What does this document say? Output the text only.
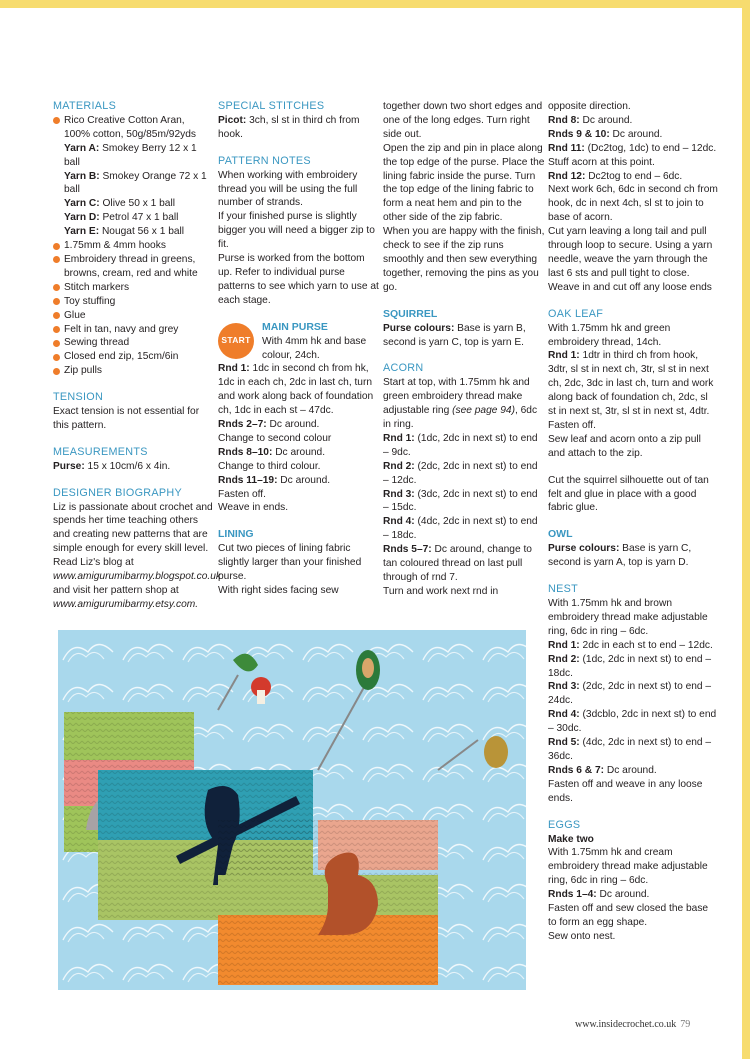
MATERIALS
Rico Creative Cotton Aran, 100% cotton, 50g/85m/92yds

Yarn A: Smokey Berry 12 x 1 ball

Yarn B: Smokey Orange 72 x 1 ball

Yarn C: Olive 50 x 1 ball

Yarn D: Petrol 47 x 1 ball

Yarn E: Nougat 56 x 1 ball

1.75mm & 4mm hooks
Embroidery thread in greens, browns, cream, red and white
Stitch markers
Toy stuffing
Glue
Felt in tan, navy and grey
Sewing thread
Closed end zip, 15cm/6in
Zip pulls
TENSION

Exact tension is not essential for this pattern.

MEASUREMENTS

Purse: 15 x 10cm/6 x 4in.

DESIGNER BIOGRAPHY

Liz is passionate about crochet and spends her time teaching others and creating new patterns that are simple enough for every skill level. Read Liz's blog at www.amigurumibarmy.blogspot.co.uk and visit her pattern shop at www.amigurumibarmy.etsy.com.

SPECIAL STITCHES

Picot: 3ch, sl st in third ch from hook.

PATTERN NOTES

When working with embroidery thread you will be using the full number of strands.

If your finished purse is slightly bigger you will need a bigger zip to fit.

Purse is worked from the bottom up. Refer to individual purse patterns to see which yarn to use at each stage.

START
MAIN PURSE

With 4mm hk and base colour, 24ch.

Rnd 1: 1dc in second ch from hk, 1dc in each ch, 2dc in last ch, turn and work along back of foundation ch, 1dc in each st – 47dc.

Rnds 2–7: Dc around.

Change to second colour

Rnds 8–10: Dc around.

Change to third colour.

Rnds 11–19: Dc around.

Fasten off.

Weave in ends.

LINING

Cut two pieces of lining fabric slightly larger than your finished purse.

With right sides facing sew

together down two short edges and one of the long edges. Turn right side out.

Open the zip and pin in place along the top edge of the purse. Place the lining fabric inside the purse. Turn the top edge of the lining fabric to form a neat hem and pin to the other side of the zip fabric.

When you are happy with the finish, check to see if the zip runs smoothly and then sew everything together, removing the pins as you go.

SQUIRREL

Purse colours: Base is yarn B, second is yarn C, top is yarn E.

ACORN

Start at top, with 1.75mm hk and green embroidery thread make adjustable ring (see page 94), 6dc in ring.

Rnd 1: (1dc, 2dc in next st) to end – 9dc.

Rnd 2: (2dc, 2dc in next st) to end – 12dc.

Rnd 3: (3dc, 2dc in next st) to end – 15dc.

Rnd 4: (4dc, 2dc in next st) to end – 18dc.

Rnds 5–7: Dc around, change to tan coloured thread on last pull through of rnd 7.

Turn and work next rnd in

opposite direction.

Rnd 8: Dc around.

Rnds 9 & 10: Dc around.

Rnd 11: (Dc2tog, 1dc) to end – 12dc.

Stuff acorn at this point.

Rnd 12: Dc2tog to end – 6dc.

Next work 6ch, 6dc in second ch from hook, dc in next 4ch, sl st to join to base of acorn.

Cut yarn leaving a long tail and pull through loop to secure. Using a yarn needle, weave the yarn through the last 6 sts and pull tight to close. Weave in and cut off any loose ends

OAK LEAF

With 1.75mm hk and green embroidery thread, 14ch.

Rnd 1: 1dtr in third ch from hook, 3dtr, sl st in next ch, 3tr, sl st in next ch, 2dc, 3dc in last ch, turn and work along back of foundation ch, 2dc, sl st in next st, 3tr, sl st in next st, 4dtr.

Fasten off.

Sew leaf and acorn onto a zip pull and attach to the zip.

Cut the squirrel silhouette out of tan felt and glue in place with a good fabric glue.

OWL

Purse colours: Base is yarn C, second is yarn A, top is yarn D.

NEST

With 1.75mm hk and brown embroidery thread make adjustable ring, 6dc in ring – 6dc.

Rnd 1: 2dc in each st to end – 12dc.

Rnd 2: (1dc, 2dc in next st) to end – 18dc.

Rnd 3: (2dc, 2dc in next st) to end – 24dc.

Rnd 4: (3dcblo, 2dc in next st) to end – 30dc.

Rnd 5: (4dc, 2dc in next st) to end – 36dc.

Rnds 6 & 7: Dc around.

Fasten off and weave in any loose ends.

EGGS

Make two

With 1.75mm hk and cream embroidery thread make adjustable ring, 6dc in ring – 6dc.

Rnds 1–4: Dc around.

Fasten off and sew closed the base to form an egg shape.

Sew onto nest.

www.insidecrochet.co.uk 79
